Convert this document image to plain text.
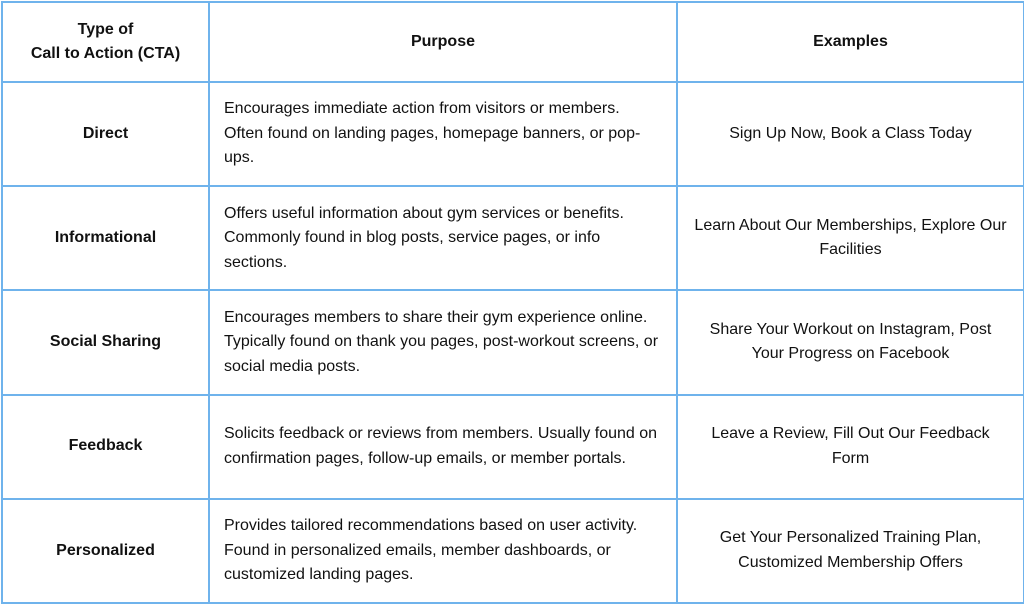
Type of
Call to Action (CTA)	Purpose	Examples
Direct	Encourages immediate action from visitors or members. Often found on landing pages, homepage banners, or pop-ups.	Sign Up Now, Book a Class Today
Informational	Offers useful information about gym services or benefits. Commonly found in blog posts, service pages, or info sections.	Learn About Our Memberships, Explore Our Facilities
Social Sharing	Encourages members to share their gym experience online. Typically found on thank you pages, post-workout screens, or social media posts.	Share Your Workout on Instagram, Post Your Progress on Facebook
Feedback	Solicits feedback or reviews from members. Usually found on confirmation pages, follow-up emails, or member portals.	Leave a Review, Fill Out Our Feedback Form
Personalized	Provides tailored recommendations based on user activity. Found in personalized emails, member dashboards, or customized landing pages.	Get Your Personalized Training Plan, Customized Membership Offers
